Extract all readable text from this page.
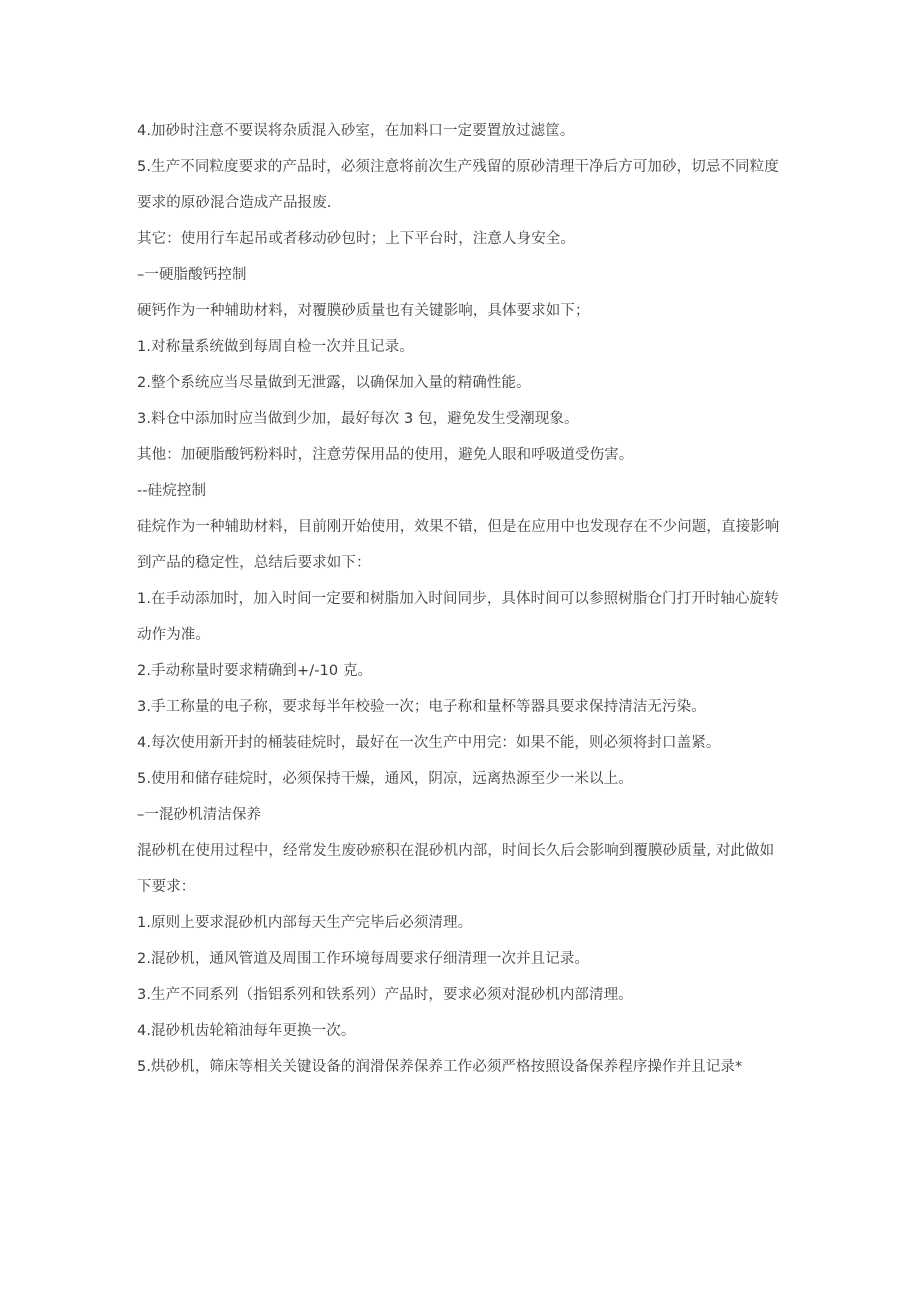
4.加砂时注意不要误将杂质混入砂室，在加料口一定要置放过滤筐。

5.生产不同粒度要求的产品时，必须注意将前次生产残留的原砂清理干净后方可加砂，切忌不同粒度要求的原砂混合造成产品报废.

其它：使用行车起吊或者移动砂包时；上下平台时，注意人身安全。

–一硬脂酸钙控制

硬钙作为一种辅助材料，对覆膜砂质量也有关键影响，具体要求如下；

1.对称量系统做到每周自检一次并且记录。

2.整个系统应当尽量做到无泄露，以确保加入量的精确性能。

3.料仓中添加时应当做到少加，最好每次 3 包，避免发生受潮现象。

其他：加硬脂酸钙粉料时，注意劳保用品的使用，避免人眼和呼吸道受伤害。

--硅烷控制

硅烷作为一种辅助材料，目前刚开始使用，效果不错，但是在应用中也发现存在不少问题，直接影响到产品的稳定性，总结后要求如下：

1.在手动添加时，加入时间一定要和树脂加入时间同步，具体时间可以参照树脂仓门打开时轴心旋转动作为准。

2.手动称量时要求精确到+/-10 克。

3.手工称量的电子称，要求每半年校验一次；电子称和量杯等器具要求保持清洁无污染。

4.每次使用新开封的桶装硅烷时，最好在一次生产中用完：如果不能，则必须将封口盖紧。

5.使用和储存硅烷时，必须保持干燥，通风，阴凉，远离热源至少一米以上。

–一混砂机清洁保养

混砂机在使用过程中，经常发生废砂瘀积在混砂机内部，时间长久后会影响到覆膜砂质量, 对此做如下要求：

1.原则上要求混砂机内部每天生产完毕后必须清理。

2.混砂机，通风管道及周围工作环境每周要求仔细清理一次并且记录。

3.生产不同系列（指铝系列和铁系列）产品时，要求必须对混砂机内部清理。

4.混砂机齿轮箱油每年更换一次。

5.烘砂机，筛床等相关关键设备的润滑保养保养工作必须严格按照设备保养程序操作并且记录*
